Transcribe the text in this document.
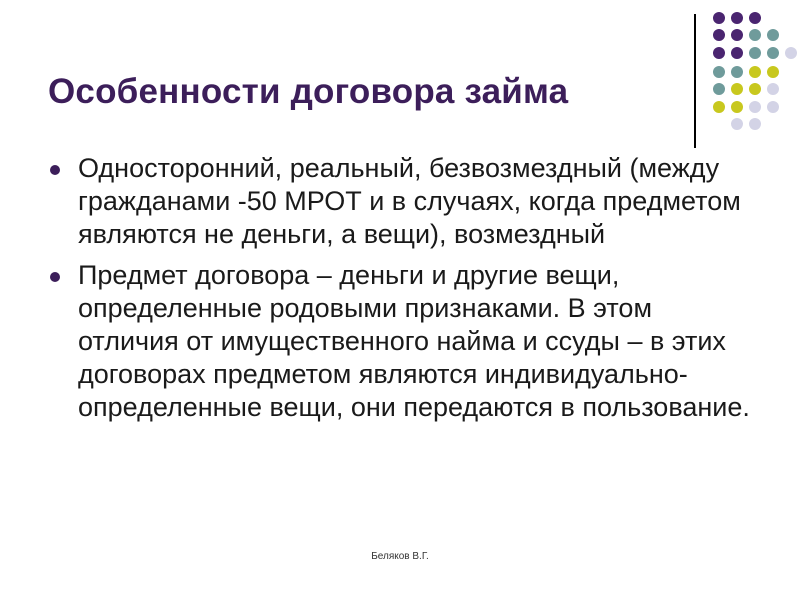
Особенности договора займа
Односторонний, реальный, безвозмездный (между гражданами -50 МРОТ и в случаях, когда предметом являются не деньги, а вещи), возмездный
Предмет договора – деньги и другие вещи, определенные родовыми признаками. В этом отличия от имущественного найма и ссуды – в этих договорах предметом являются индивидуально-определенные вещи, они передаются в пользование.
Беляков В.Г.
